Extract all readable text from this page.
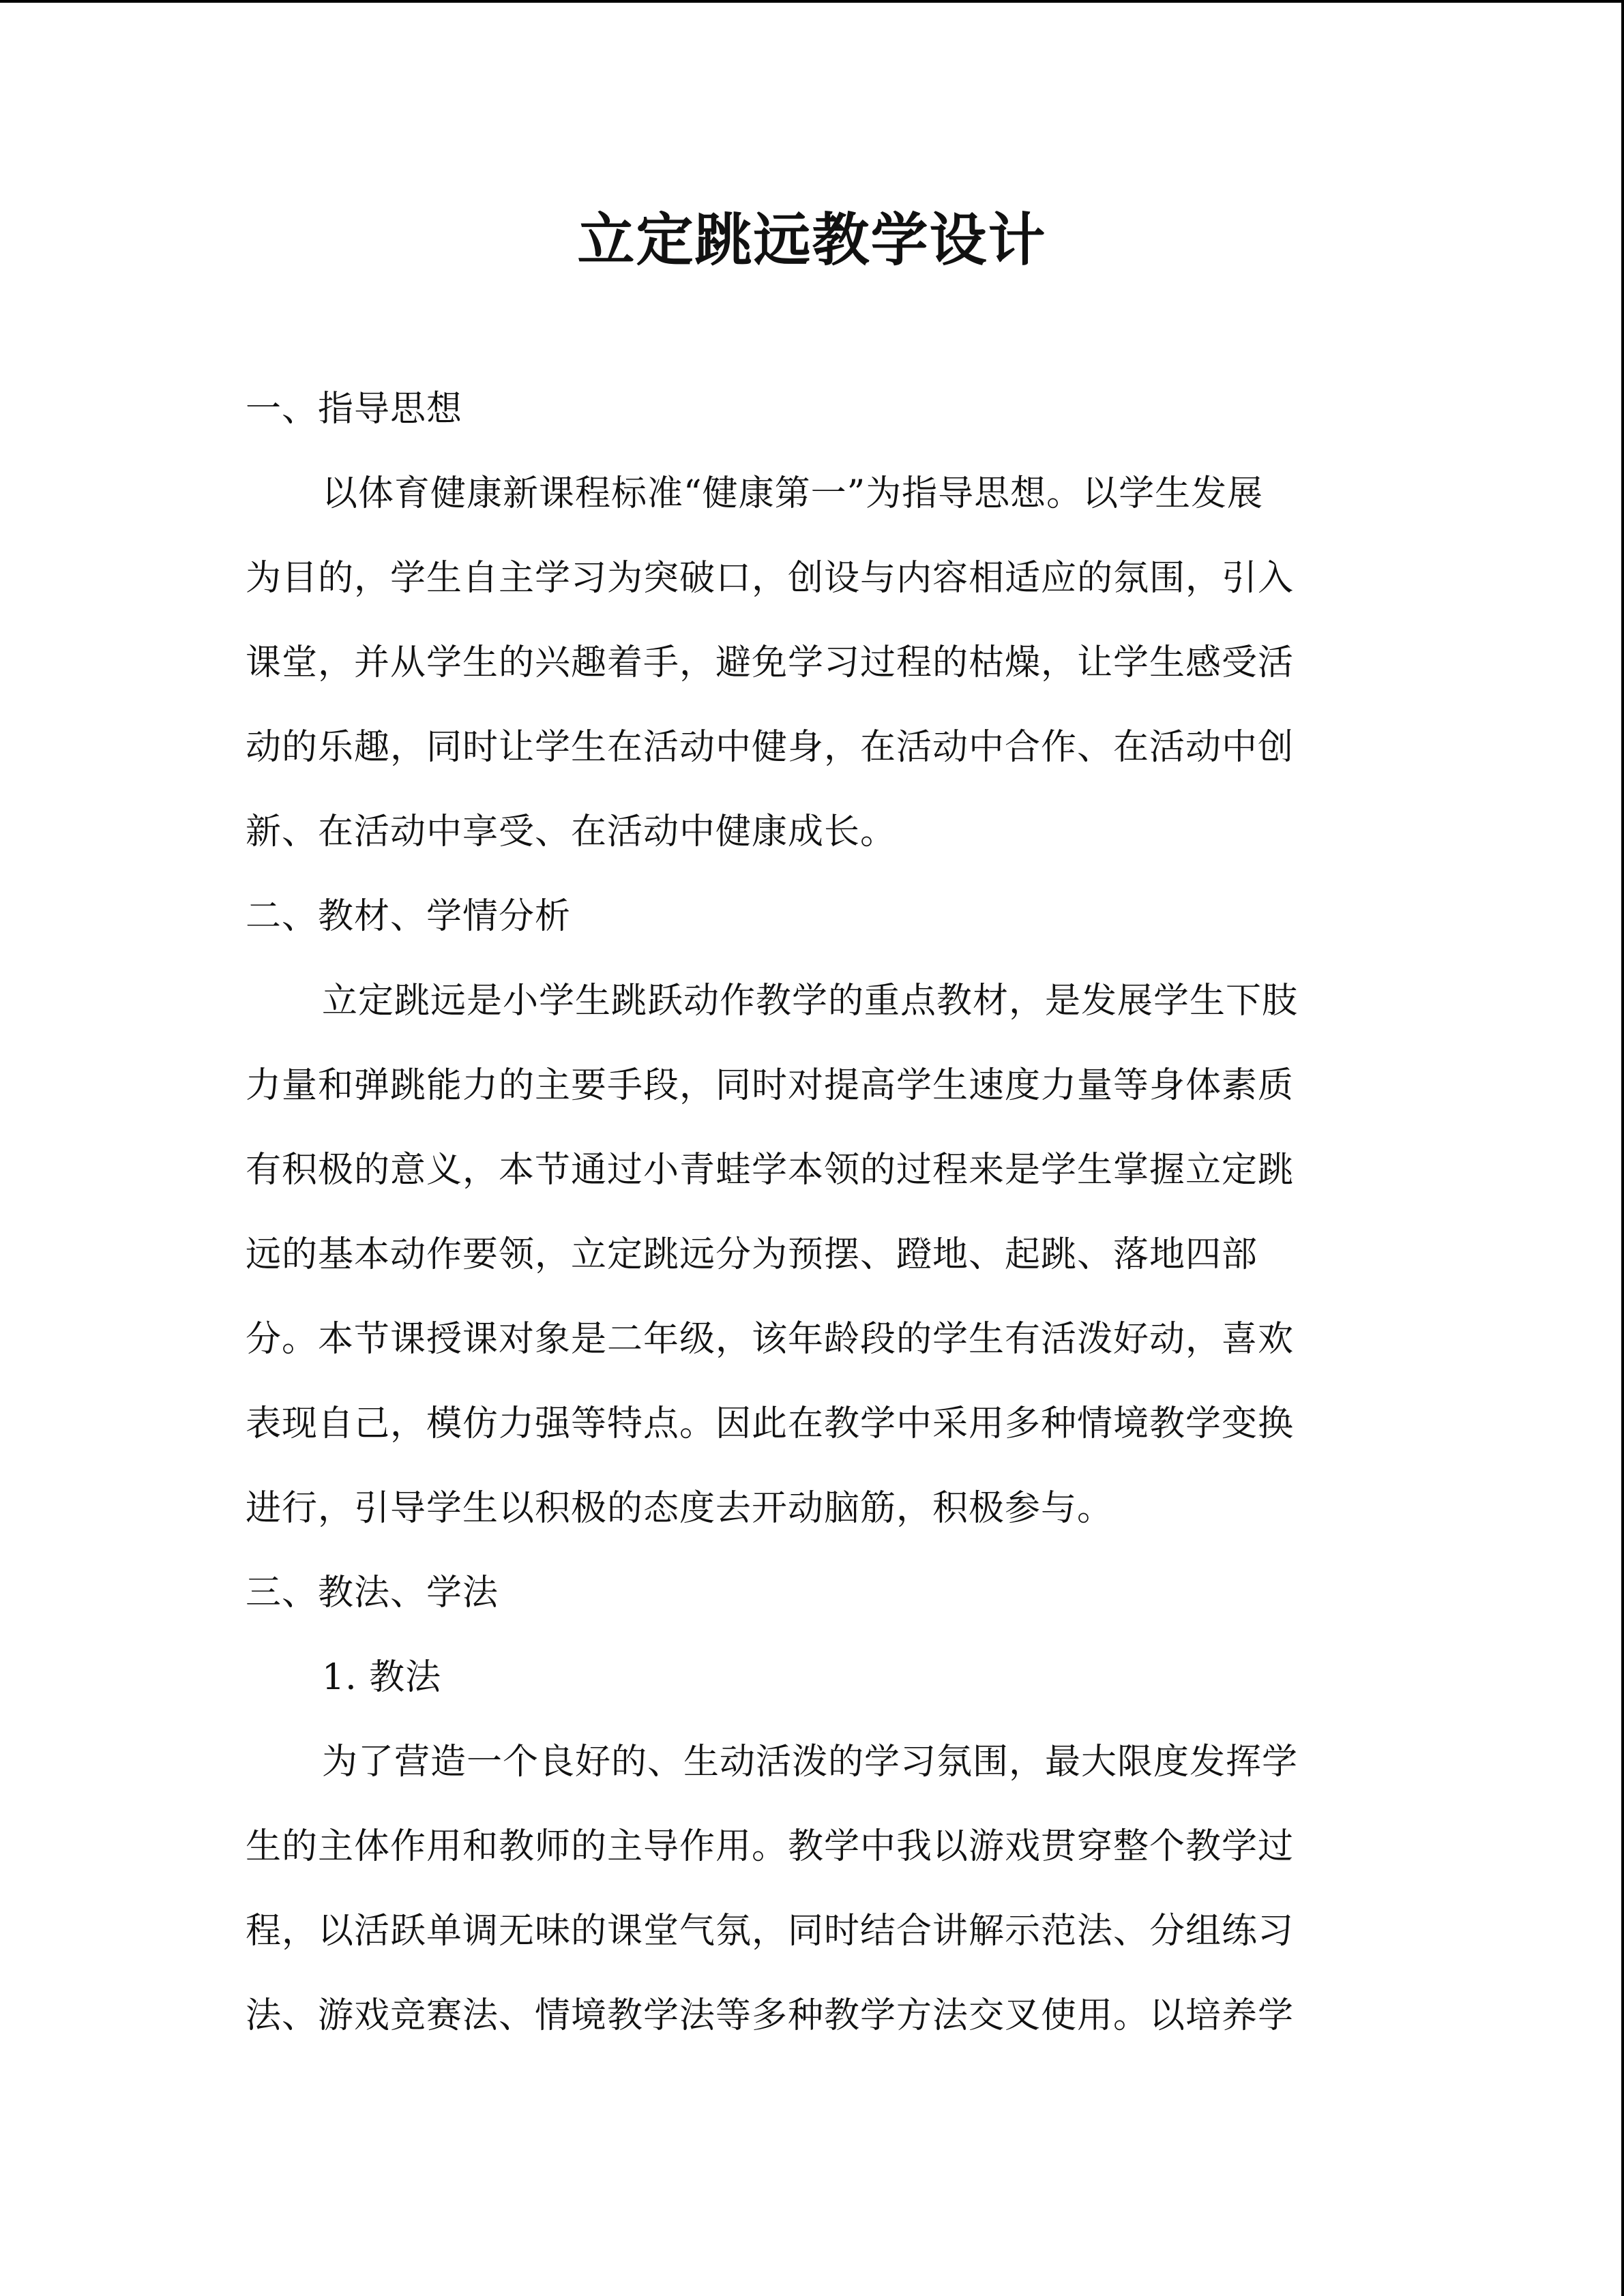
立定跳远教学设计
一、指导思想
以体育健康新课程标准“健康第一”为指导思想。以学生发展
为目的，学生自主学习为突破口，创设与内容相适应的氛围，引入
课堂，并从学生的兴趣着手，避免学习过程的枯燥，让学生感受活
动的乐趣，同时让学生在活动中健身，在活动中合作、在活动中创
新、在活动中享受、在活动中健康成长。
二、教材、学情分析
立定跳远是小学生跳跃动作教学的重点教材，是发展学生下肢
力量和弹跳能力的主要手段，同时对提高学生速度力量等身体素质
有积极的意义，本节通过小青蛙学本领的过程来是学生掌握立定跳
远的基本动作要领，立定跳远分为预摆、蹬地、起跳、落地四部
分。本节课授课对象是二年级，该年龄段的学生有活泼好动，喜欢
表现自己，模仿力强等特点。因此在教学中采用多种情境教学变换
进行，引导学生以积极的态度去开动脑筋，积极参与。
三、教法、学法
1. 教法
为了营造一个良好的、生动活泼的学习氛围，最大限度发挥学
生的主体作用和教师的主导作用。教学中我以游戏贯穿整个教学过
程，以活跃单调无味的课堂气氛，同时结合讲解示范法、分组练习
法、游戏竞赛法、情境教学法等多种教学方法交叉使用。以培养学
